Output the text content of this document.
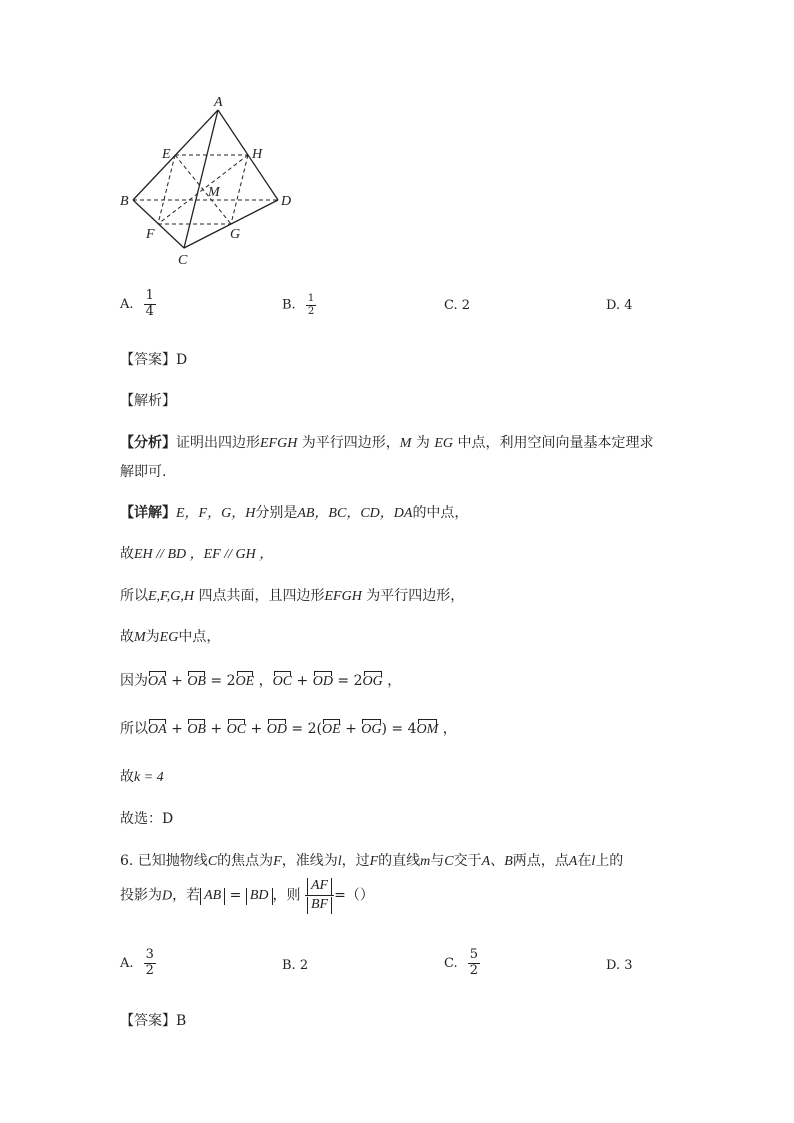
A
B
C
D
E
F	G
H
M
A. $\frac{1}{4}$	B. $\frac{1}{2}$	C. 2	D. 4
【答案】D
【解析】
【分析】证明出四边形EFGH 为平行四边形，M 为 EG 中点，利用空间向量基本定理求
解即可.
【详解】E，F，G，H分别是AB，BC，CD，DA的中点，
故EH // BD ，EF // GH ，
所以E,F,G,H 四点共面，且四边形EFGH 为平行四边形，
故M为EG中点，
因为OA + OB = 2OE ，OC + OD = 2OG ，
所以OA + OB + OC + OD = 2(OE + OG) = 4OM ，
故k = 4
故选：D
6. 已知抛物线C的焦点为F，准线为l，过F的直线m与C交于A、B两点，点A在l上的
投影为D，若 AB = BD ，则 $\frac{AF}{BF}$ =（）
A. $\frac{3}{2}$	B. 2	C. $\frac{5}{2}$	D. 3
【答案】B
